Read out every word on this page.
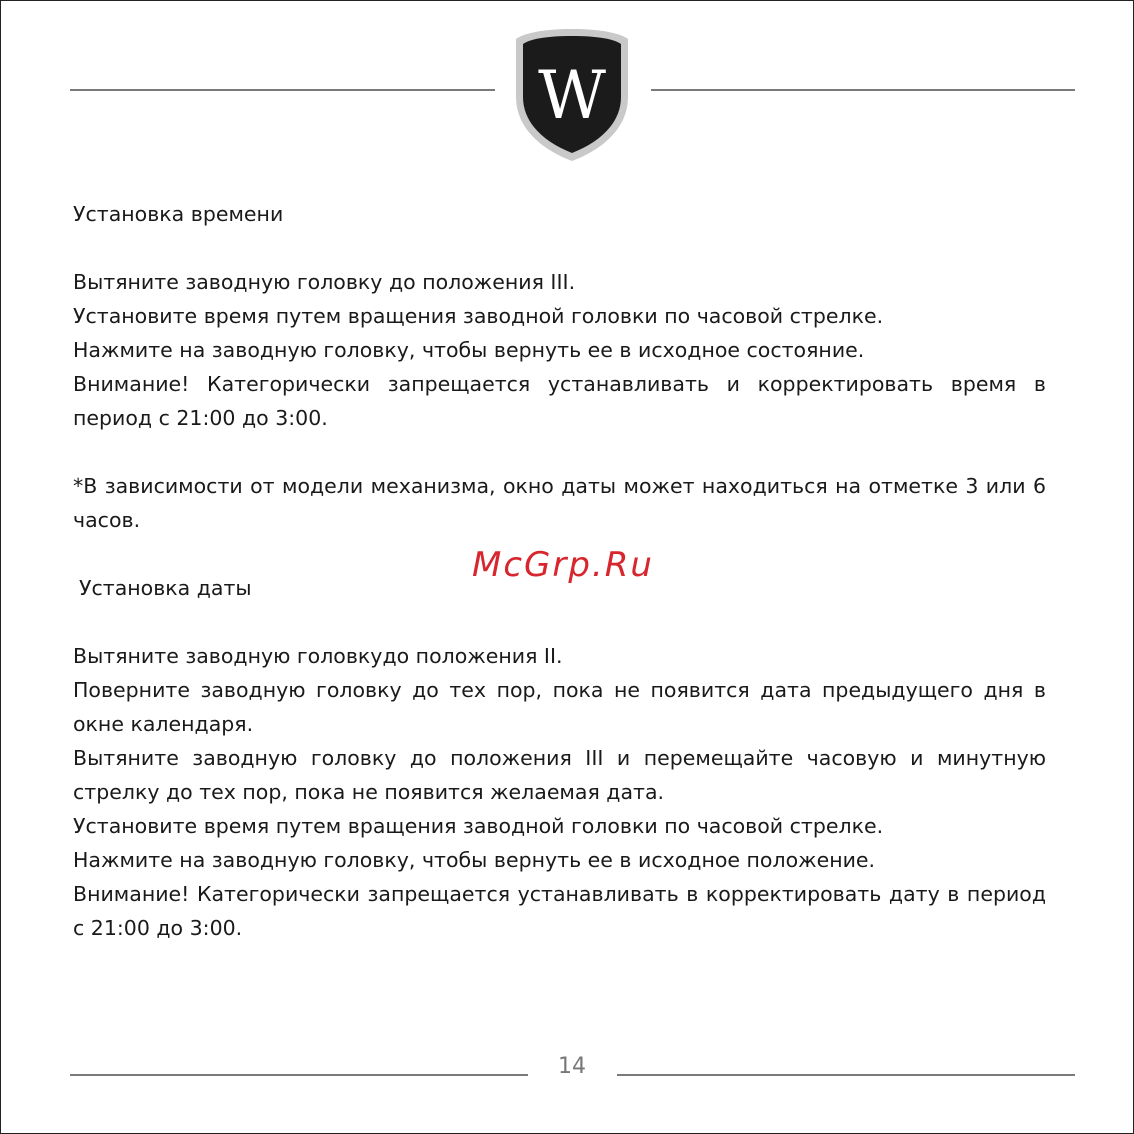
W

Установка времени

Вытяните заводную головку до положения III.

Установите время путем вращения заводной головки по часовой стрелке.

Нажмите на заводную головку, чтобы вернуть ее в исходное состояние.

Внимание! Категорически запрещается устанавливать и корректировать время в период с 21:00 до 3:00.

*В зависимости от модели механизма, окно даты может находиться на отметке 3 или 6 часов.

Установка даты

Вытяните заводную головкудо положения II.

Поверните заводную головку до тех пор, пока не появится дата предыдущего дня в окне календаря.

Вытяните заводную головку до положения III и перемещайте часовую и минутную стрелку до тех пор, пока не появится желаемая дата.

Установите время путем вращения заводной головки по часовой стрелке.

Нажмите на заводную головку, чтобы вернуть ее в исходное положение.

Внимание! Категорически запрещается устанавливать в корректировать дату в период с 21:00 до 3:00.

McGrp.Ru
14
